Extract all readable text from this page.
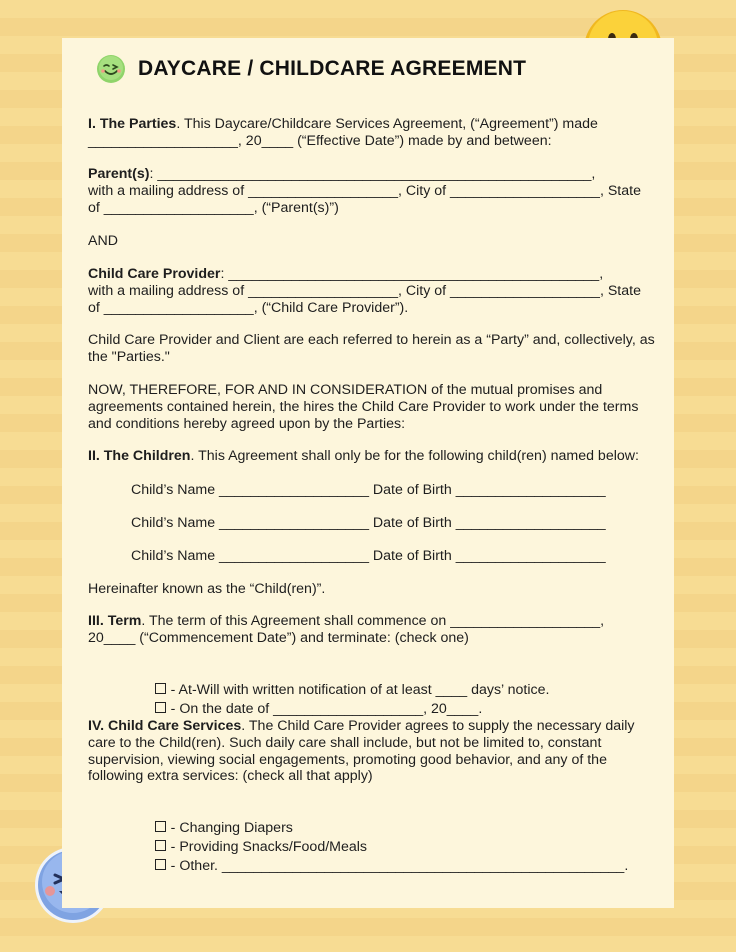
DAYCARE / CHILDCARE AGREEMENT
I. The Parties. This Daycare/Childcare Services Agreement, (“Agreement”) made
___________________, 20____ (“Effective Date”) made by and between:
Parent(s): _______________________________________________________,
with a mailing address of ___________________, City of ___________________, State
of ___________________, (“Parent(s)”)
AND
Child Care Provider: _______________________________________________,
with a mailing address of ___________________, City of ___________________, State
of ___________________, (“Child Care Provider”).
Child Care Provider and Client are each referred to herein as a “Party” and, collectively, as the "Parties."
NOW, THEREFORE, FOR AND IN CONSIDERATION of the mutual promises and agreements contained herein, the hires the Child Care Provider to work under the terms and conditions hereby agreed upon by the Parties:
II. The Children. This Agreement shall only be for the following child(ren) named below:
Child’s Name ___________________ Date of Birth ___________________
Child’s Name ___________________ Date of Birth ___________________
Child’s Name ___________________ Date of Birth ___________________
Hereinafter known as the “Child(ren)”.
III. Term. The term of this Agreement shall commence on ___________________,
20____ (“Commencement Date”) and terminate: (check one)

- At-Will with written notification of at least ____ days’ notice.

- On the date of ___________________, 20____.

IV. Child Care Services. The Child Care Provider agrees to supply the necessary daily care to the Child(ren). Such daily care shall include, but not be limited to, constant supervision, viewing social engagements, promoting good behavior, and any of the following extra services: (check all that apply)

- Changing Diapers

- Providing Snacks/Food/Meals

- Other. ___________________________________________________.
